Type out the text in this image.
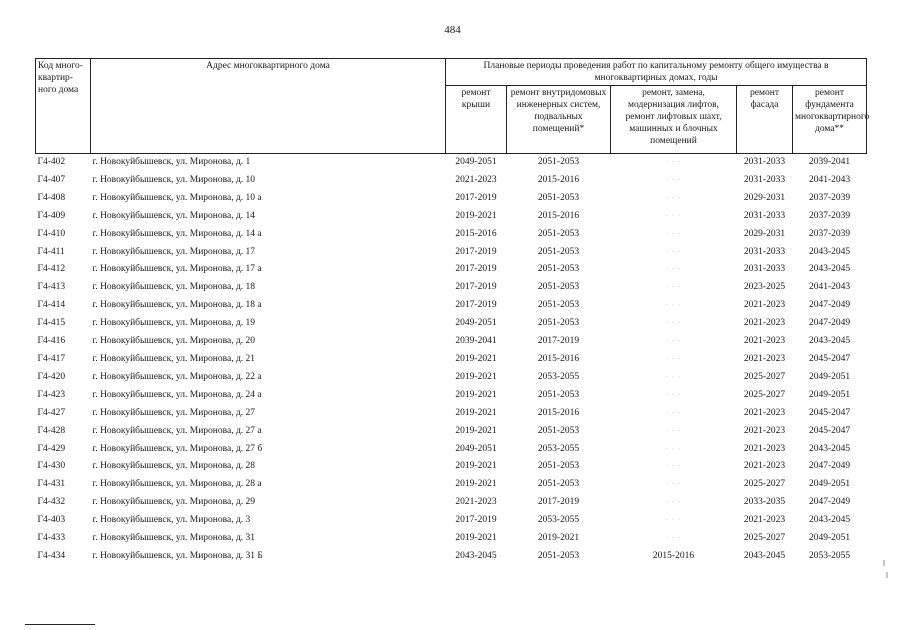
484
Код много-квартир-ного дома	Адрес многоквартирного дома	Плановые периоды проведения работ по капитальному ремонту общего имущества в многоквартирных домах, годы				
		ремонт крыши	ремонт внутридомовых инженерных систем, подвальных помещений*	ремонт, замена, модернизация лифтов, ремонт лифтовых шахт, машинных и блочных помещений	ремонт фасада	ремонт фундамента многоквартирного дома**
Г4-402	г. Новокуйбышевск, ул. Миронова, д. 1	2049-2051	2051-2053	· · ·	2031-2033	2039-2041
Г4-407	г. Новокуйбышевск, ул. Миронова, д. 10	2021-2023	2015-2016	· · ·	2031-2033	2041-2043
Г4-408	г. Новокуйбышевск, ул. Миронова, д. 10 а	2017-2019	2051-2053	· · ·	2029-2031	2037-2039
Г4-409	г. Новокуйбышевск, ул. Миронова, д. 14	2019-2021	2015-2016	· · ·	2031-2033	2037-2039
Г4-410	г. Новокуйбышевск, ул. Миронова, д. 14 а	2015-2016	2051-2053	· · ·	2029-2031	2037-2039
Г4-411	г. Новокуйбышевск, ул. Миронова, д. 17	2017-2019	2051-2053	· · ·	2031-2033	2043-2045
Г4-412	г. Новокуйбышевск, ул. Миронова, д. 17 а	2017-2019	2051-2053	· · ·	2031-2033	2043-2045
Г4-413	г. Новокуйбышевск, ул. Миронова, д. 18	2017-2019	2051-2053	· · ·	2023-2025	2041-2043
Г4-414	г. Новокуйбышевск, ул. Миронова, д. 18 а	2017-2019	2051-2053	· · ·	2021-2023	2047-2049
Г4-415	г. Новокуйбышевск, ул. Миронова, д. 19	2049-2051	2051-2053	· · ·	2021-2023	2047-2049
Г4-416	г. Новокуйбышевск, ул. Миронова, д. 20	2039-2041	2017-2019	· · ·	2021-2023	2043-2045
Г4-417	г. Новокуйбышевск, ул. Миронова, д. 21	2019-2021	2015-2016	· · ·	2021-2023	2045-2047
Г4-420	г. Новокуйбышевск, ул. Миронова, д. 22 а	2019-2021	2053-2055	· · ·	2025-2027	2049-2051
Г4-423	г. Новокуйбышевск, ул. Миронова, д. 24 а	2019-2021	2051-2053	· · ·	2025-2027	2049-2051
Г4-427	г. Новокуйбышевск, ул. Миронова, д. 27	2019-2021	2015-2016	· · ·	2021-2023	2045-2047
Г4-428	г. Новокуйбышевск, ул. Миронова, д. 27 а	2019-2021	2051-2053	· · ·	2021-2023	2045-2047
Г4-429	г. Новокуйбышевск, ул. Миронова, д. 27 б	2049-2051	2053-2055	· · ·	2021-2023	2043-2045
Г4-430	г. Новокуйбышевск, ул. Миронова, д. 28	2019-2021	2051-2053	· · ·	2021-2023	2047-2049
Г4-431	г. Новокуйбышевск, ул. Миронова, д. 28 а	2019-2021	2051-2053	· · ·	2025-2027	2049-2051
Г4-432	г. Новокуйбышевск, ул. Миронова, д. 29	2021-2023	2017-2019	· · ·	2033-2035	2047-2049
Г4-403	г. Новокуйбышевск, ул. Миронова, д. 3	2017-2019	2053-2055	· · ·	2021-2023	2043-2045
Г4-433	г. Новокуйбышевск, ул. Миронова, д. 31	2019-2021	2019-2021	· · ·	2025-2027	2049-2051
Г4-434	г. Новокуйбышевск, ул. Миронова, д. 31 Б	2043-2045	2051-2053	2015-2016	2043-2045	2053-2055
